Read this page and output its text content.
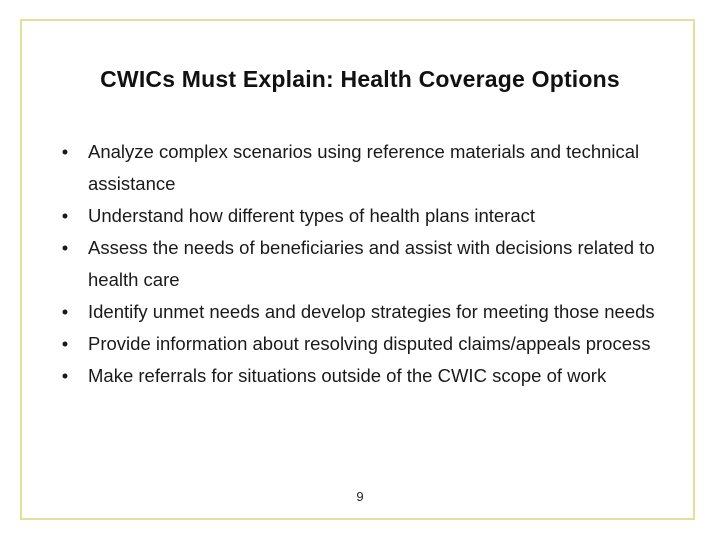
CWICs Must Explain: Health Coverage Options
• Analyze complex scenarios using reference materials and technical assistance
• Understand how different types of health plans interact
• Assess the needs of beneficiaries and assist with decisions related to health care
• Identify unmet needs and develop strategies for meeting those needs
• Provide information about resolving disputed claims/appeals process
• Make referrals for situations outside of the CWIC scope of work
9
